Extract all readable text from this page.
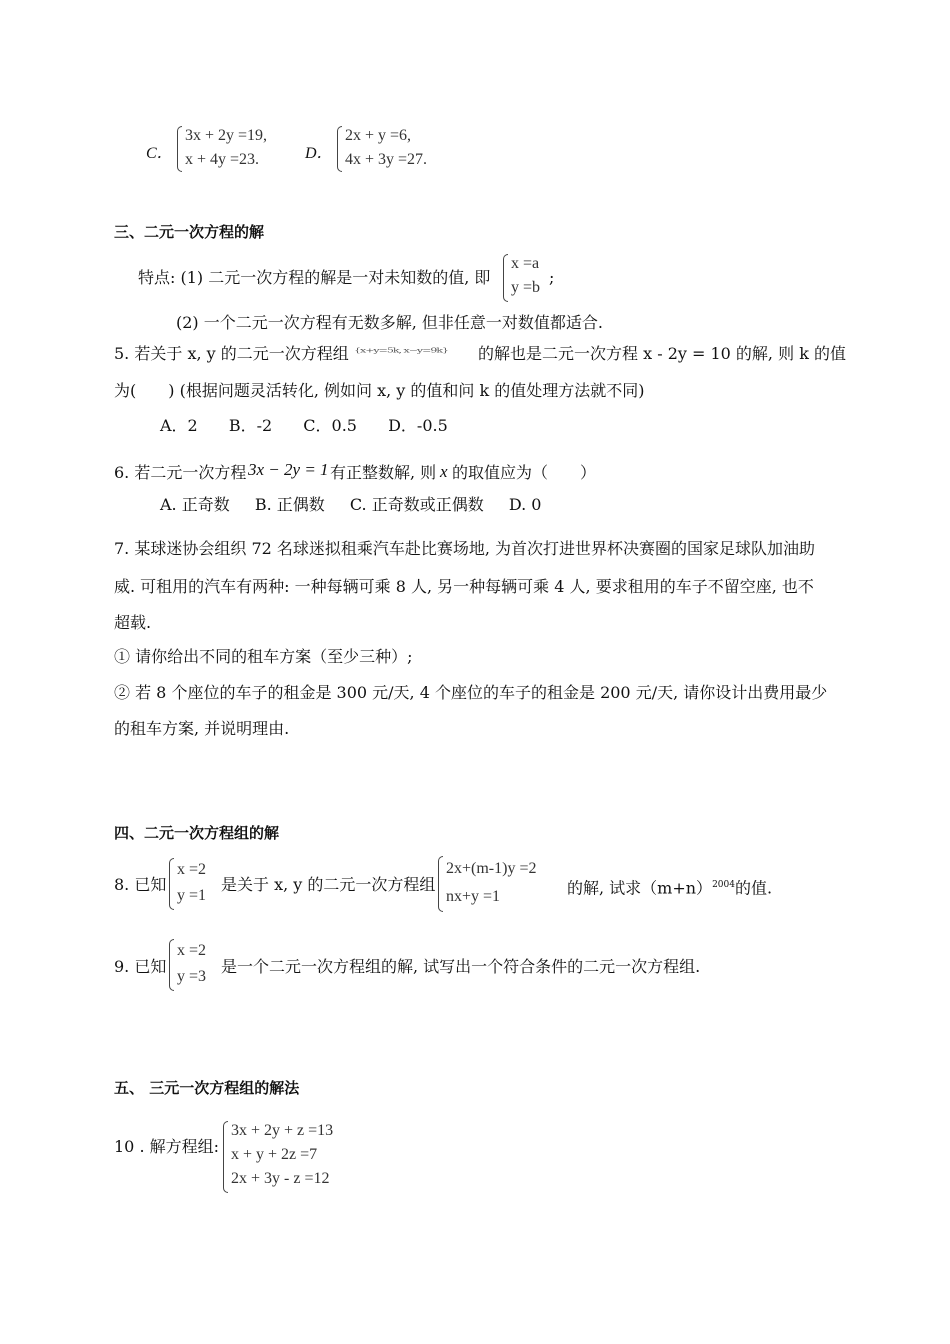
C．
3x + 2y =19,
x + 4y =23.	D．
2x + y =6,
4x + 3y =27.
三、二元一次方程的解
特点: (1) 二元一次方程的解是一对未知数的值, 即
x =a
y =b
;
(2) 一个二元一次方程有无数多解, 但非任意一对数值都适合.
5. 若关于 x, y 的二元一次方程组 {x+y=5k, x−y=9k} 的解也是二元一次方程 x - 2y = 10 的解, 则 k 的值
为(　　) (根据问题灵活转化, 例如问 x, y 的值和问 k 的值处理方法就不同)
A．2 B．-2 C．0.5 D．-0.5
6. 若二元一次方程 3x − 2y = 1 有正整数解, 则 x 的取值应为（　　）
A. 正奇数 B. 正偶数 C. 正奇数或正偶数 D. 0
7. 某球迷协会组织 72 名球迷拟租乘汽车赴比赛场地, 为首次打进世界杯决赛圈的国家足球队加油助
威. 可租用的汽车有两种: 一种每辆可乘 8 人, 另一种每辆可乘 4 人, 要求租用的车子不留空座, 也不
超载.
① 请你给出不同的租车方案（至少三种）;
② 若 8 个座位的车子的租金是 300 元/天, 4 个座位的车子的租金是 200 元/天, 请你设计出费用最少
的租车方案, 并说明理由.
四、二元一次方程组的解
8. 已知
x =2
y =1
是关于 x, y 的二元一次方程组
2x+(m-1)y =2
nx+y =1	的解, 试求$(m+n)^{2004}$的值.
9. 已知
x =2
y =3
是一个二元一次方程组的解, 试写出一个符合条件的二元一次方程组.
五、 三元一次方程组的解法
10 . 解方程组:
3x + 2y + z =13
x + y + 2z =7
2x + 3y - z =12
